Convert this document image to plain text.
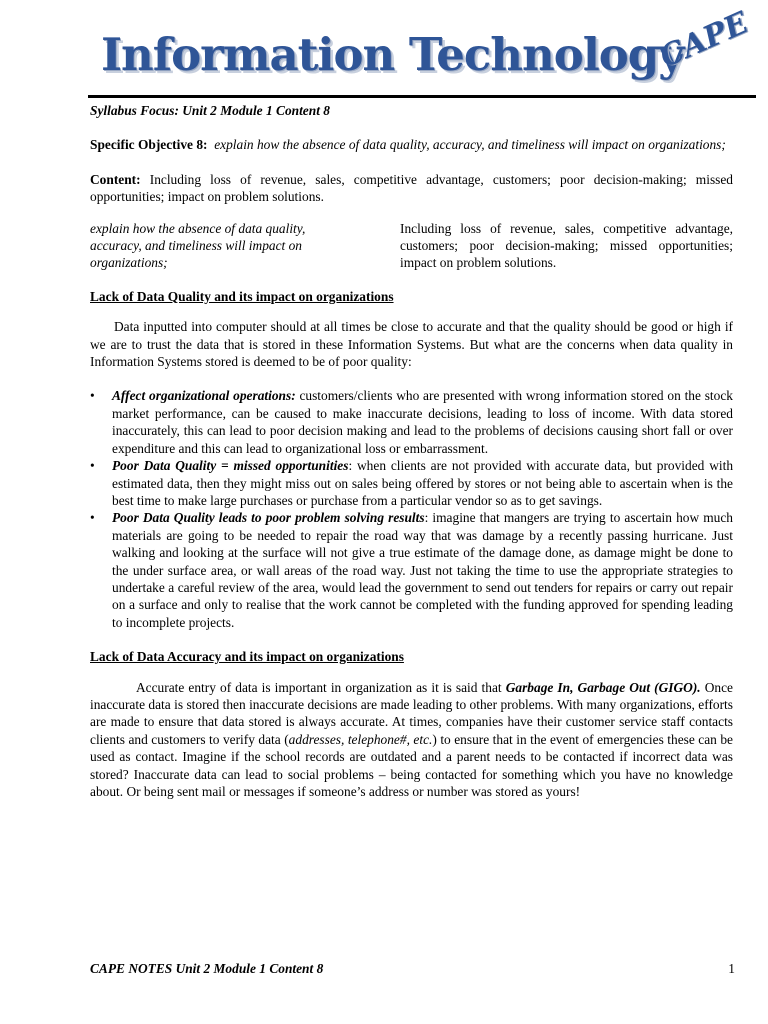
Information Technology
CAPE

Syllabus Focus: Unit 2 Module 1 Content 8

Specific Objective 8: explain how the absence of data quality, accuracy, and timeliness will impact on organizations;

Content: Including loss of revenue, sales, competitive advantage, customers; poor decision-making; missed opportunities; impact on problem solutions.

explain how the absence of data quality, accuracy, and timeliness will impact on organizations;
Including loss of revenue, sales, competitive advantage, customers; poor decision-making; missed opportunities; impact on problem solutions.

Lack of Data Quality and its impact on organizations

Data inputted into computer should at all times be close to accurate and that the quality should be good or high if we are to trust the data that is stored in these Information Systems. But what are the concerns when data quality in Information Systems stored is deemed to be of poor quality:

• Affect organizational operations: customers/clients who are presented with wrong information stored on the stock market performance, can be caused to make inaccurate decisions, leading to loss of income. With data stored inaccurately, this can lead to poor decision making and lead to the problems of decisions causing short fall or over expenditure and this can lead to organizational loss or embarrassment.
• Poor Data Quality = missed opportunities: when clients are not provided with accurate data, but provided with estimated data, then they might miss out on sales being offered by stores or not being able to ascertain when is the best time to make large purchases or purchase from a particular vendor so as to get savings.
• Poor Data Quality leads to poor problem solving results: imagine that mangers are trying to ascertain how much materials are going to be needed to repair the road way that was damage by a recently passing hurricane. Just walking and looking at the surface will not give a true estimate of the damage done, as damage might be done to the under surface area, or wall areas of the road way. Just not taking the time to use the appropriate strategies to undertake a careful review of the area, would lead the government to send out tenders for repairs or carry out repair on a surface and only to realise that the work cannot be completed with the funding approved for spending leading to incomplete projects.

Lack of Data Accuracy and its impact on organizations

Accurate entry of data is important in organization as it is said that Garbage In, Garbage Out (GIGO). Once inaccurate data is stored then inaccurate decisions are made leading to other problems. With many organizations, efforts are made to ensure that data stored is always accurate. At times, companies have their customer service staff contacts clients and customers to verify data (addresses, telephone#, etc.) to ensure that in the event of emergencies these can be used as contact. Imagine if the school records are outdated and a parent needs to be contacted if incorrect data was stored? Inaccurate data can lead to social problems – being contacted for something which you have no knowledge about. Or being sent mail or messages if someone’s address or number was stored as yours!

CAPE NOTES Unit 2 Module 1 Content 8	1
